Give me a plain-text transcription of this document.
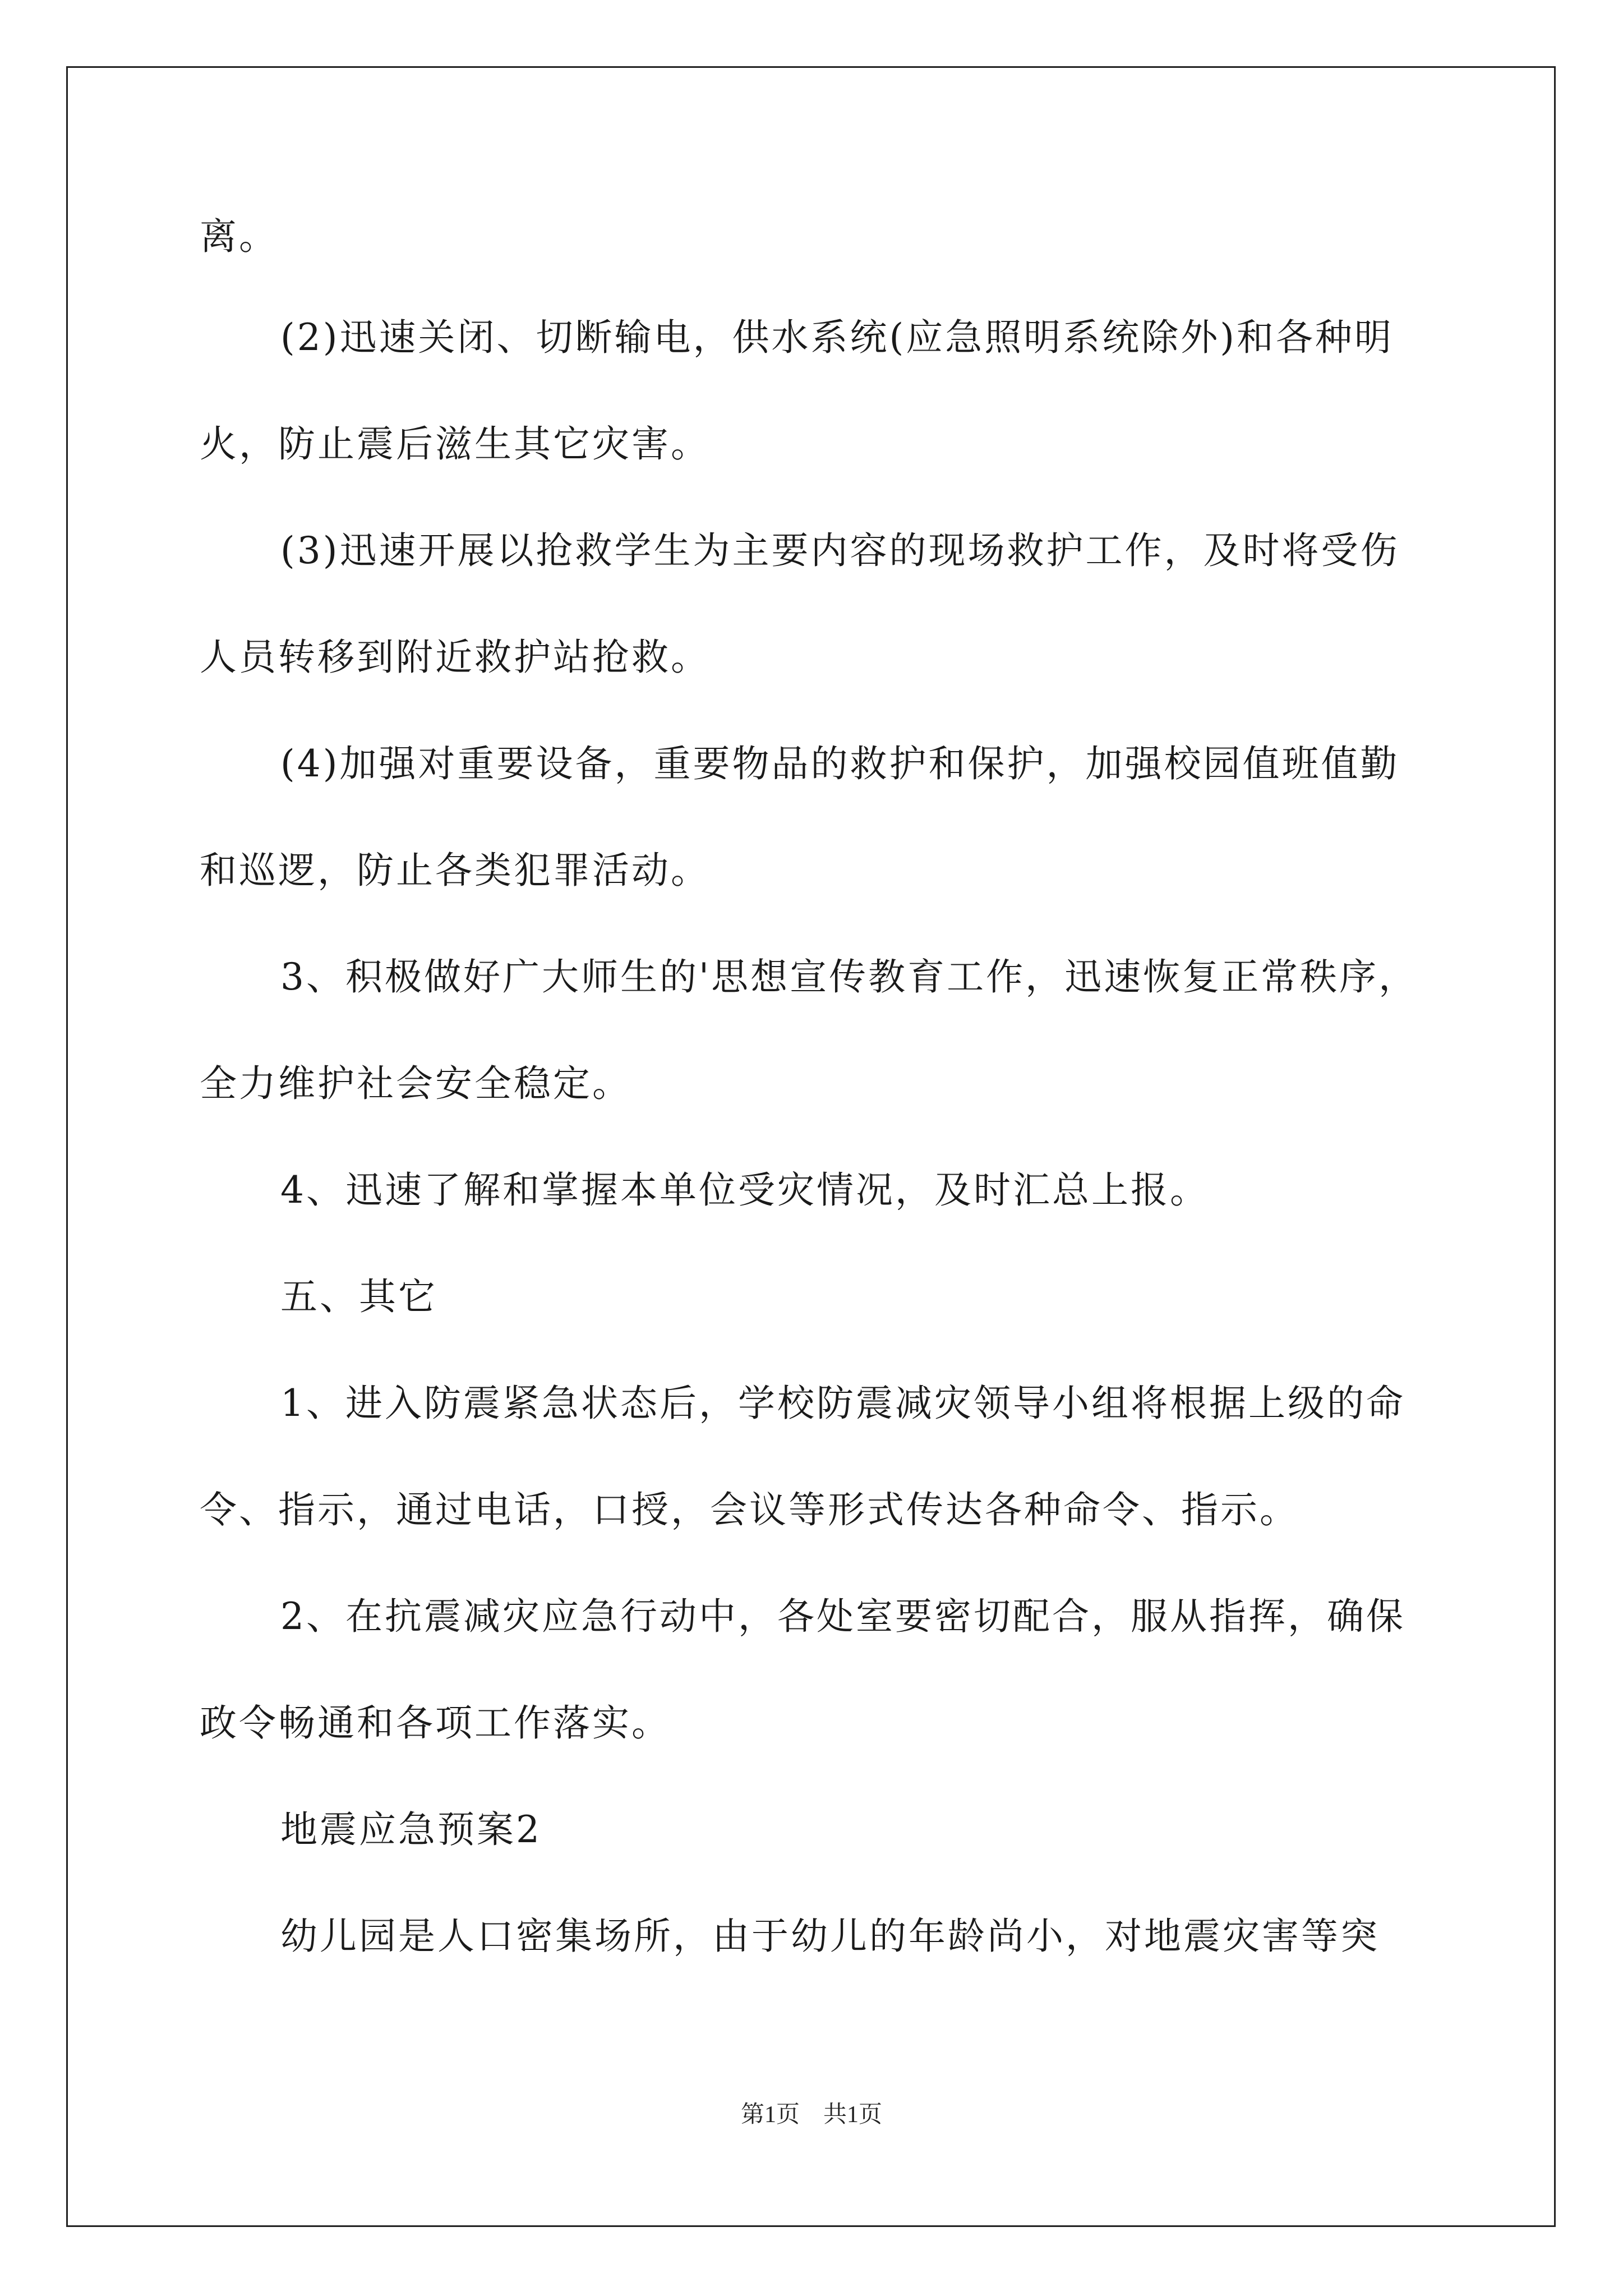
离。
(2)迅速关闭、切断输电，供水系统(应急照明系统除外)和各种明
火，防止震后滋生其它灾害。
(3)迅速开展以抢救学生为主要内容的现场救护工作，及时将受伤
人员转移到附近救护站抢救。
(4)加强对重要设备，重要物品的救护和保护，加强校园值班值勤
和巡逻，防止各类犯罪活动。
3、积极做好广大师生的'思想宣传教育工作，迅速恢复正常秩序，
全力维护社会安全稳定。
4、迅速了解和掌握本单位受灾情况，及时汇总上报。
五、其它
1、进入防震紧急状态后，学校防震减灾领导小组将根据上级的命
令、指示，通过电话，口授，会议等形式传达各种命令、指示。
2、在抗震减灾应急行动中，各处室要密切配合，服从指挥，确保
政令畅通和各项工作落实。
地震应急预案2
幼儿园是人口密集场所，由于幼儿的年龄尚小，对地震灾害等突
第1页　共1页
